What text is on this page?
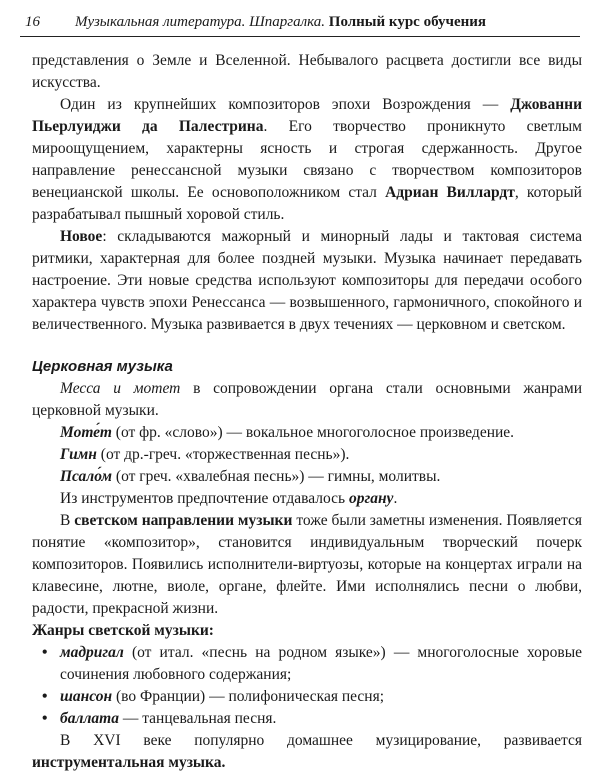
16 Музыкальная литература. Шпаргалка. Полный курс обучения

представления о Земле и Вселенной. Небывалого расцвета достигли все виды искусства.

Один из крупнейших композиторов эпохи Возрождения — Джованни Пьерлуиджи да Палестрина. Его творчество проникнуто светлым мироощущением, характерны ясность и строгая сдержанность. Другое направление ренессансной музыки связано с творчеством композиторов венецианской школы. Ее основоположником стал Адриан Виллардт, который разрабатывал пышный хоровой стиль.

Новое: складываются мажорный и минорный лады и тактовая система ритмики, характерная для более поздней музыки. Музыка начинает передавать настроение. Эти новые средства используют композиторы для передачи особого характера чувств эпохи Ренессанса — возвышенного, гармоничного, спокойного и величественного. Музыка развивается в двух течениях — церковном и светском.

Церковная музыка

Месса и мотет в сопровождении органа стали основными жанрами церковной музыки.

Моте́т (от фр. «слово») — вокальное многоголосное произведение.

Гимн (от др.-греч. «торжественная песнь»).

Псало́м (от греч. «хвалебная песнь») — гимны, молитвы.

Из инструментов предпочтение отдавалось органу.

В светском направлении музыки тоже были заметны изменения. Появляется понятие «композитор», становится индивидуальным творческий почерк композиторов. Появились исполнители-виртуозы, которые на концертах играли на клавесине, лютне, виоле, органе, флейте. Ими исполнялись песни о любви, радости, прекрасной жизни.

Жанры светской музыки:

• мадригал (от итал. «песнь на родном языке») — многоголосные хоровые сочинения любовного содержания;
• шансон (во Франции) — полифоническая песня;
• баллата — танцевальная песня.

В XVI веке популярно домашнее музицирование, развивается инструментальная музыка.
